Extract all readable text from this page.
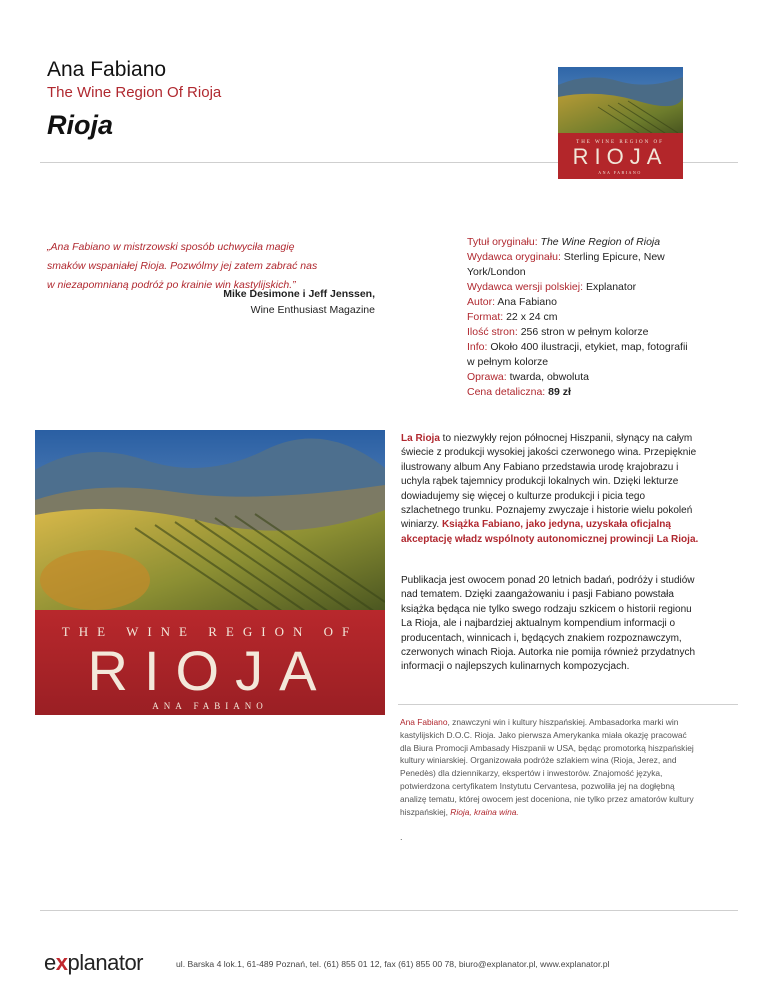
Ana Fabiano
The Wine Region Of Rioja
Rioja
THE WINE REGION OF
RIOJA
ANA FABIANO
„Ana Fabiano w mistrzowski sposób uchwyciła magię
smaków wspaniałej Rioja. Pozwólmy jej zatem zabrać nas
w niezapomnianą podróż po krainie win kastylijskich.”
Mike Desimone i Jeff Jenssen,
Wine Enthusiast Magazine
Tytuł oryginału: The Wine Region of Rioja
Wydawca oryginału: Sterling Epicure, New York/London
Wydawca wersji polskiej: Explanator
Autor: Ana Fabiano
Format: 22 x 24 cm
Ilość stron: 256 stron w pełnym kolorze
Info: Około 400 ilustracji, etykiet, map, fotografii w pełnym kolorze
Oprawa: twarda, obwoluta
Cena detaliczna: 89 zł
THE WINE REGION OF
RIOJA
ANA FABIANO
La Rioja to niezwykły rejon północnej Hiszpanii, słynący na całym świecie z produkcji wysokiej jakości czerwonego wina. Przepięknie ilustrowany album Any Fabiano przedstawia urodę krajobrazu i uchyla rąbek tajemnicy produkcji lokalnych win. Dzięki lekturze dowiadujemy się więcej o kulturze produkcji i picia tego szlachetnego trunku. Poznajemy zwyczaje i historie wielu pokoleń winiarzy. Książka Fabiano, jako jedyna, uzyskała oficjalną akceptację władz wspólnoty autonomicznej prowincji La Rioja.
Publikacja jest owocem ponad 20 letnich badań, podróży i studiów nad tematem. Dzięki zaangażowaniu i pasji Fabiano powstała książka będąca nie tylko swego rodzaju szkicem o historii regionu La Rioja, ale i najbardziej aktualnym kompendium informacji o producentach, winnicach i, będących znakiem rozpoznawczym, czerwonych winach Rioja. Autorka nie pomija również przydatnych informacji o najlepszych kulinarnych kompozycjach.
Ana Fabiano, znawczyni win i kultury hiszpańskiej. Ambasadorka marki win kastylijskich D.O.C. Rioja. Jako pierwsza Amerykanka miała okazję pracować dla Biura Promocji Ambasady Hiszpanii w USA, będąc promotorką hiszpańskiej kultury winiarskiej. Organizowała podróże szlakiem wina (Rioja, Jerez, and Penedès) dla dziennikarzy, ekspertów i inwestorów. Znajomość języka, potwierdzona certyfikatem Instytutu Cervantesa, pozwoliła jej na dogłębną analizę tematu, której owocem jest doceniona, nie tylko przez amatorów kultury hiszpańskiej, Rioja, kraina wina.
.
explanator	ul. Barska 4 lok.1, 61-489 Poznań, tel. (61) 855 01 12, fax (61) 855 00 78, biuro@explanator.pl, www.explanator.pl
